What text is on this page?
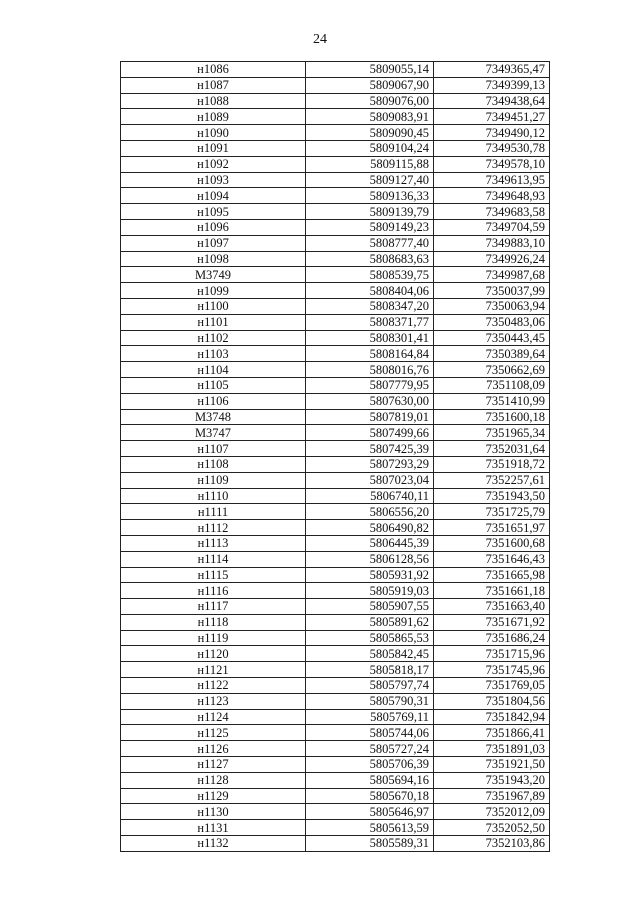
24
н1086	5809055,14	7349365,47
н1087	5809067,90	7349399,13
н1088	5809076,00	7349438,64
н1089	5809083,91	7349451,27
н1090	5809090,45	7349490,12
н1091	5809104,24	7349530,78
н1092	5809115,88	7349578,10
н1093	5809127,40	7349613,95
н1094	5809136,33	7349648,93
н1095	5809139,79	7349683,58
н1096	5809149,23	7349704,59
н1097	5808777,40	7349883,10
н1098	5808683,63	7349926,24
М3749	5808539,75	7349987,68
н1099	5808404,06	7350037,99
н1100	5808347,20	7350063,94
н1101	5808371,77	7350483,06
н1102	5808301,41	7350443,45
н1103	5808164,84	7350389,64
н1104	5808016,76	7350662,69
н1105	5807779,95	7351108,09
н1106	5807630,00	7351410,99
М3748	5807819,01	7351600,18
М3747	5807499,66	7351965,34
н1107	5807425,39	7352031,64
н1108	5807293,29	7351918,72
н1109	5807023,04	7352257,61
н1110	5806740,11	7351943,50
н1111	5806556,20	7351725,79
н1112	5806490,82	7351651,97
н1113	5806445,39	7351600,68
н1114	5806128,56	7351646,43
н1115	5805931,92	7351665,98
н1116	5805919,03	7351661,18
н1117	5805907,55	7351663,40
н1118	5805891,62	7351671,92
н1119	5805865,53	7351686,24
н1120	5805842,45	7351715,96
н1121	5805818,17	7351745,96
н1122	5805797,74	7351769,05
н1123	5805790,31	7351804,56
н1124	5805769,11	7351842,94
н1125	5805744,06	7351866,41
н1126	5805727,24	7351891,03
н1127	5805706,39	7351921,50
н1128	5805694,16	7351943,20
н1129	5805670,18	7351967,89
н1130	5805646,97	7352012,09
н1131	5805613,59	7352052,50
н1132	5805589,31	7352103,86
